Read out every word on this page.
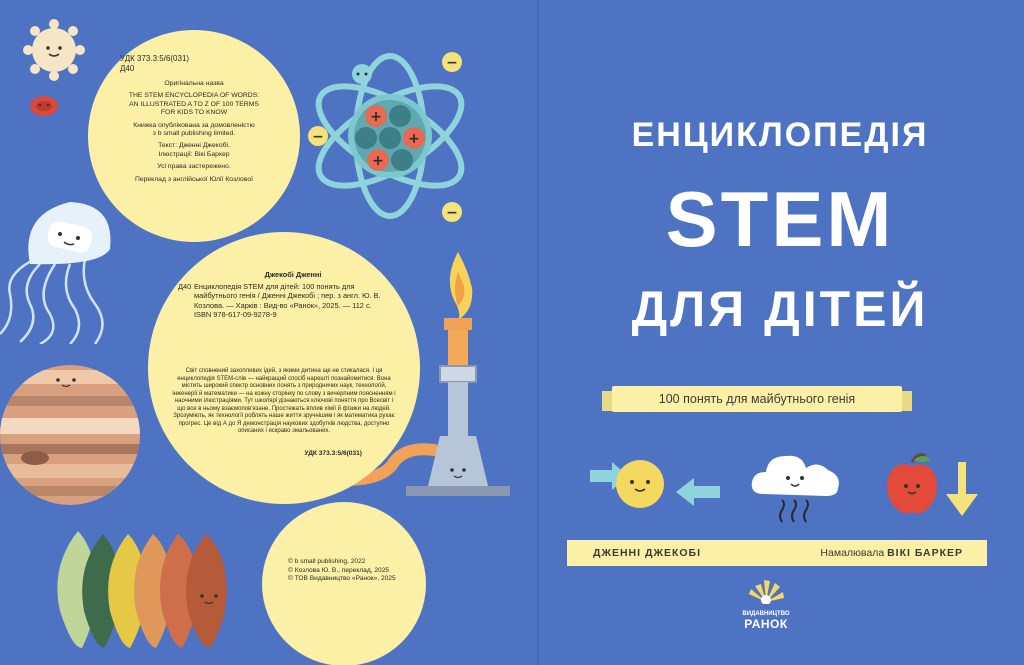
+
+
+
−
−
−
УДК 373.3:5/6(031)
Д40

Оригінальна назва

THE STEM ENCYCLOPEDIA OF WORDS: AN ILLUSTRATED A TO Z OF 100 TERMS FOR KIDS TO KNOW

Книжка опублікована за домовленістю з b small publishing limited.

Текст: Дженні Джекобі.
Ілюстрації: Вікі Баркер

Усі права застережено.

Переклад з англійської Юлії Козлової

Джекобі Дженні
Д40 Енциклопедія STEM для дітей: 100 понять для майбутнього генія / Дженні Джекобі ; пер. з англ. Ю. В. Козлова. — Харків : Вид-во «Ранок», 2025. — 112 с.
ISBN 978-617-09-9278-9
Світ сповнений захопливих ідей, з якими дитина ще не стикалася. І ця енциклопедія STEM-слів — найкращий спосіб нарешті познайомитися. Вона містить широкий спектр основних понять з природничих наук, технологій, інженерії й математики — на кожну сторінку по слову з вичерпним поясненням і наочними ілюстраціями. Тут школярі дізнаються ключові поняття про Всесвіт і що все в ньому взаємопов'язане. Простежать вплив хімії й фізики на людей. Зрозуміють, як технології роблять наше життя зручнішим і як математика рухає прогрес. Це від А до Я демонстрація наукових здобутків людства, доступно описаних і яскраво змальованих.
УДК 373.3:5/6(031)
© b small publishing, 2022
© Козлова Ю. В., переклад, 2025
© ТОВ Видавництво «Ранок», 2025
ЕНЦИКЛОПЕДІЯ
STEM
ДЛЯ ДІТЕЙ
100 понять для майбутнього генія
ДЖЕННІ ДЖЕКОБІ	Намалювала ВІКІ БАРКЕР
ВИДАВНИЦТВО
РАНОК
